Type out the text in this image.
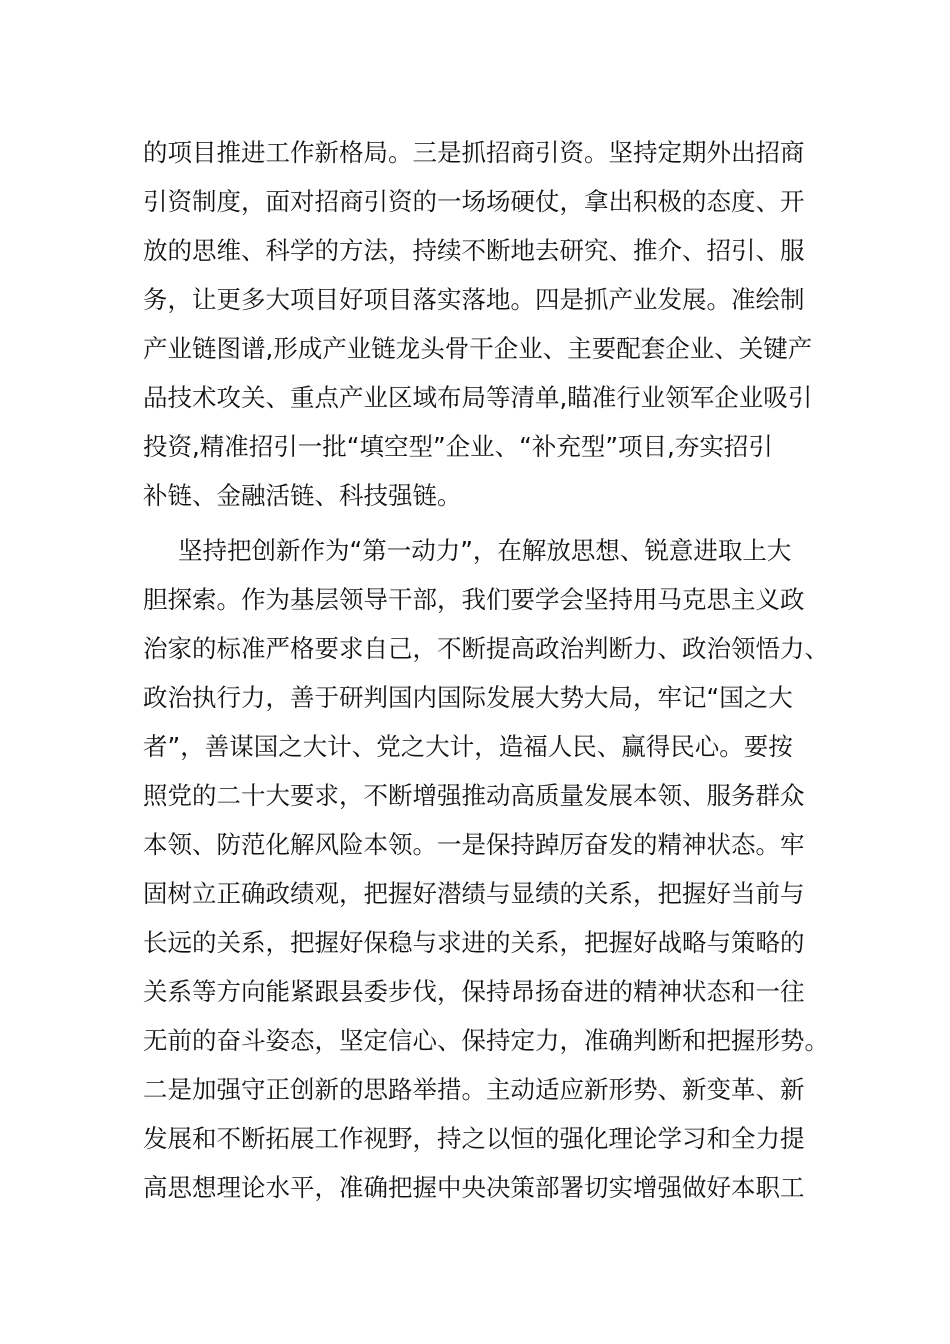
的项目推进工作新格局。三是抓招商引资。坚持定期外出招商
引资制度，面对招商引资的一场场硬仗，拿出积极的态度、开
放的思维、科学的方法，持续不断地去研究、推介、招引、服
务，让更多大项目好项目落实落地。四是抓产业发展。准绘制
产业链图谱,形成产业链龙头骨干企业、主要配套企业、关键产
品技术攻关、重点产业区域布局等清单,瞄准行业领军企业吸引
投资,精准招引一批“填空型”企业、“补充型”项目,夯实招引
补链、金融活链、科技强链。
坚持把创新作为“第一动力”，在解放思想、锐意进取上大
胆探索。作为基层领导干部，我们要学会坚持用马克思主义政
治家的标准严格要求自己，不断提高政治判断力、政治领悟力、
政治执行力，善于研判国内国际发展大势大局，牢记“国之大
者”，善谋国之大计、党之大计，造福人民、赢得民心。要按
照党的二十大要求，不断增强推动高质量发展本领、服务群众
本领、防范化解风险本领。一是保持踔厉奋发的精神状态。牢
固树立正确政绩观，把握好潜绩与显绩的关系，把握好当前与
长远的关系，把握好保稳与求进的关系，把握好战略与策略的
关系等方向能紧跟县委步伐，保持昂扬奋进的精神状态和一往
无前的奋斗姿态，坚定信心、保持定力，准确判断和把握形势。
二是加强守正创新的思路举措。主动适应新形势、新变革、新
发展和不断拓展工作视野，持之以恒的强化理论学习和全力提
高思想理论水平，准确把握中央决策部署切实增强做好本职工
